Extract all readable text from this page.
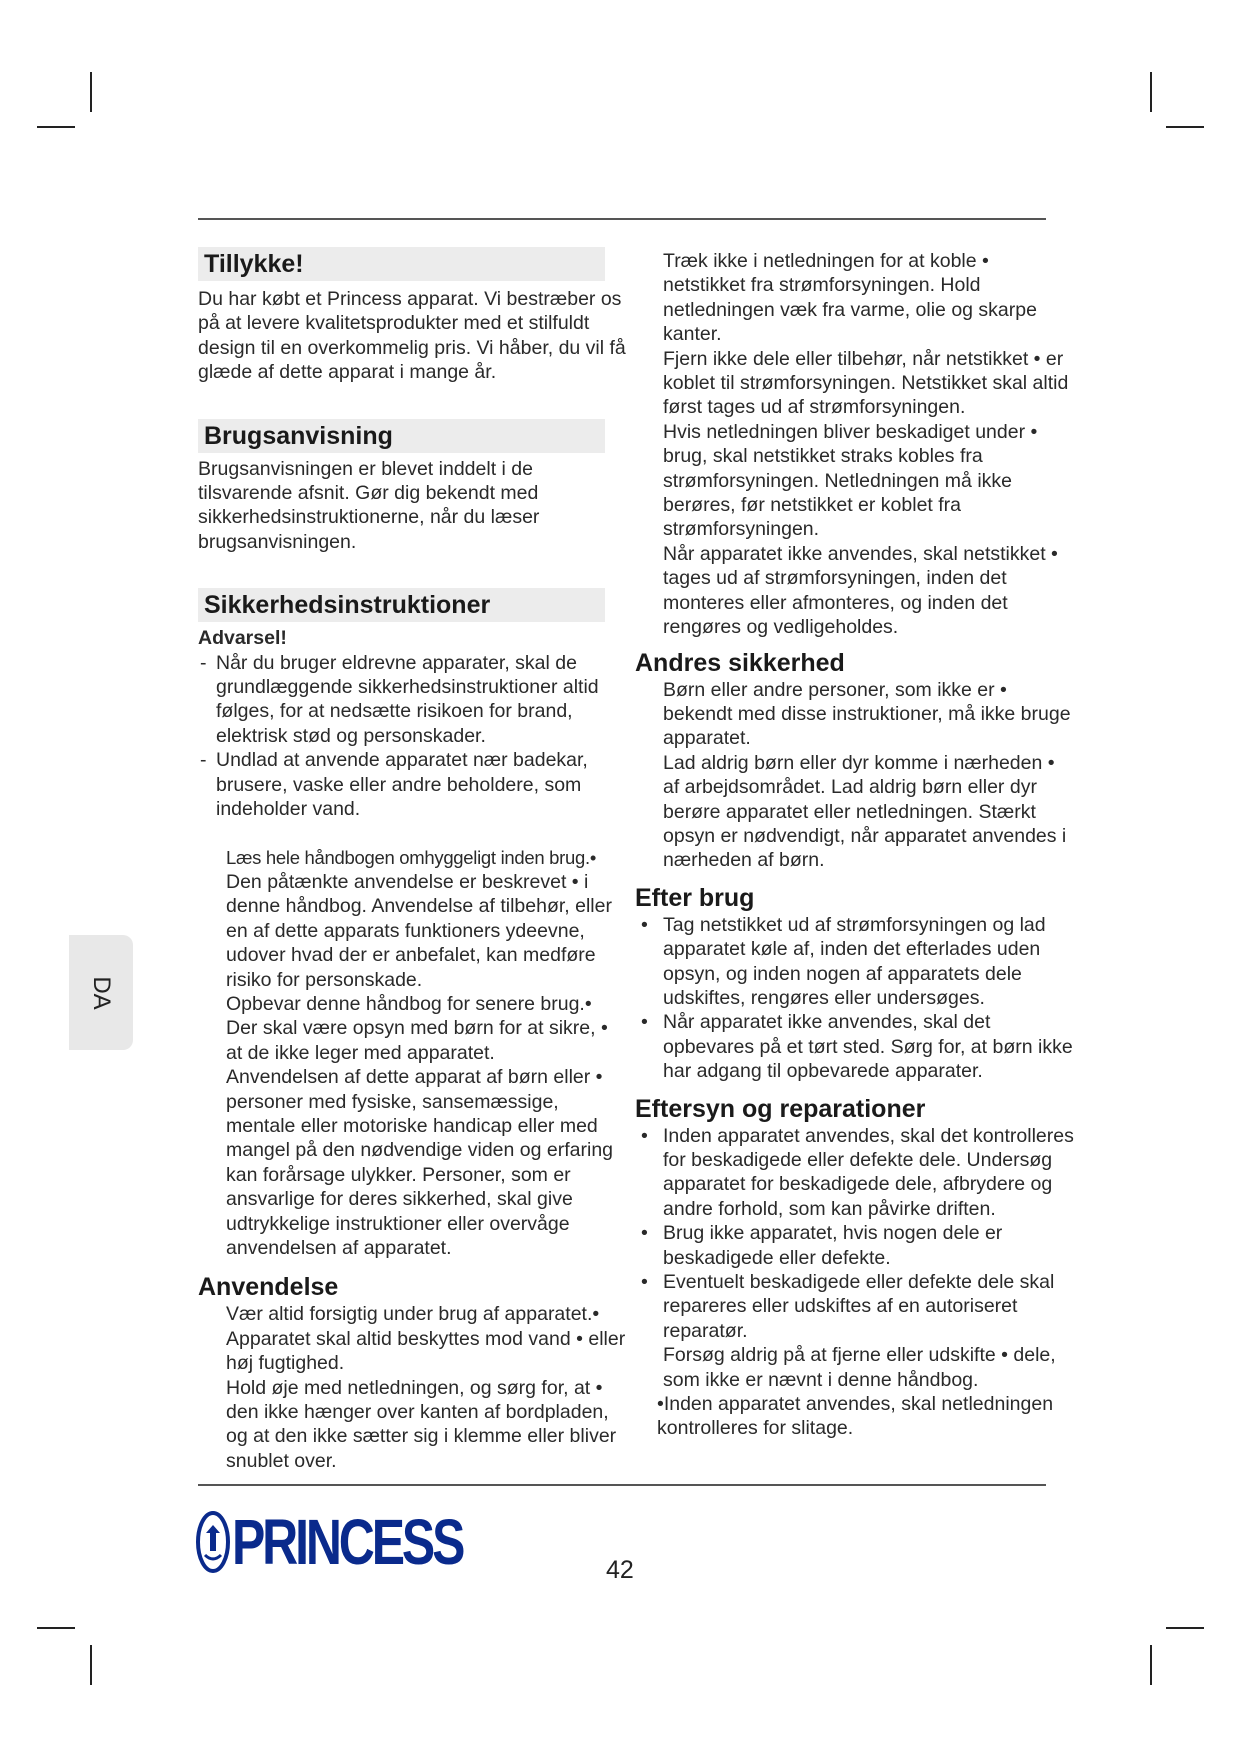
DA
Tillykke!

Du har købt et Princess apparat. Vi bestræber os på at levere kvalitetsprodukter med et stilfuldt design til en overkommelig pris. Vi håber, du vil få glæde af dette apparat i mange år.

Brugsanvisning

Brugsanvisningen er blevet inddelt i de tilsvarende afsnit. Gør dig bekendt med sikkerhedsinstruktionerne, når du læser brugsanvisningen.

Sikkerhedsinstruktioner

Advarsel!

- Når du bruger eldrevne apparater, skal de grundlæggende sikkerhedsinstruktioner altid følges, for at nedsætte risikoen for brand, elektrisk stød og personskader.

- Undlad at anvende apparatet nær badekar, brusere, vaske eller andre beholdere, som indeholder vand.

Læs hele håndbogen omhyggeligt inden brug.•

Den påtænkte anvendelse er beskrevet • i denne håndbog. Anvendelse af tilbehør, eller en af dette apparats funktioners ydeevne, udover hvad der er anbefalet, kan medføre risiko for personskade.

Opbevar denne håndbog for senere brug.•

Der skal være opsyn med børn for at sikre, • at de ikke leger med apparatet.

Anvendelsen af dette apparat af børn eller • personer med fysiske, sansemæssige, mentale eller motoriske handicap eller med mangel på den nødvendige viden og erfaring kan forårsage ulykker. Personer, som er ansvarlige for deres sikkerhed, skal give udtrykkelige instruktioner eller overvåge anvendelsen af apparatet.

Anvendelse

Vær altid forsigtig under brug af apparatet.•

Apparatet skal altid beskyttes mod vand • eller høj fugtighed.

Hold øje med netledningen, og sørg for, at • den ikke hænger over kanten af bordpladen, og at den ikke sætter sig i klemme eller bliver snublet over.

Træk ikke i netledningen for at koble • netstikket fra strømforsyningen. Hold netledningen væk fra varme, olie og skarpe kanter.

Fjern ikke dele eller tilbehør, når netstikket • er koblet til strømforsyningen. Netstikket skal altid først tages ud af strømforsyningen.

Hvis netledningen bliver beskadiget under • brug, skal netstikket straks kobles fra strømforsyningen. Netledningen må ikke berøres, før netstikket er koblet fra strømforsyningen.

Når apparatet ikke anvendes, skal netstikket • tages ud af strømforsyningen, inden det monteres eller afmonteres, og inden det rengøres og vedligeholdes.

Andres sikkerhed

Børn eller andre personer, som ikke er • bekendt med disse instruktioner, må ikke bruge apparatet.

Lad aldrig børn eller dyr komme i nærheden • af arbejdsområdet. Lad aldrig børn eller dyr berøre apparatet eller netledningen. Stærkt opsyn er nødvendigt, når apparatet anvendes i nærheden af børn.

Efter brug

• Tag netstikket ud af strømforsyningen og lad apparatet køle af, inden det efterlades uden opsyn, og inden nogen af apparatets dele udskiftes, rengøres eller undersøges.

• Når apparatet ikke anvendes, skal det opbevares på et tørt sted. Sørg for, at børn ikke har adgang til opbevarede apparater.

Eftersyn og reparationer

• Inden apparatet anvendes, skal det kontrolleres for beskadigede eller defekte dele. Undersøg apparatet for beskadigede dele, afbrydere og andre forhold, som kan påvirke driften.

• Brug ikke apparatet, hvis nogen dele er beskadigede eller defekte.

• Eventuelt beskadigede eller defekte dele skal repareres eller udskiftes af en autoriseret reparatør.

Forsøg aldrig på at fjerne eller udskifte • dele, som ikke er nævnt i denne håndbog.

•Inden apparatet anvendes, skal netledningen kontrolleres for slitage.

PRINCESS	42
